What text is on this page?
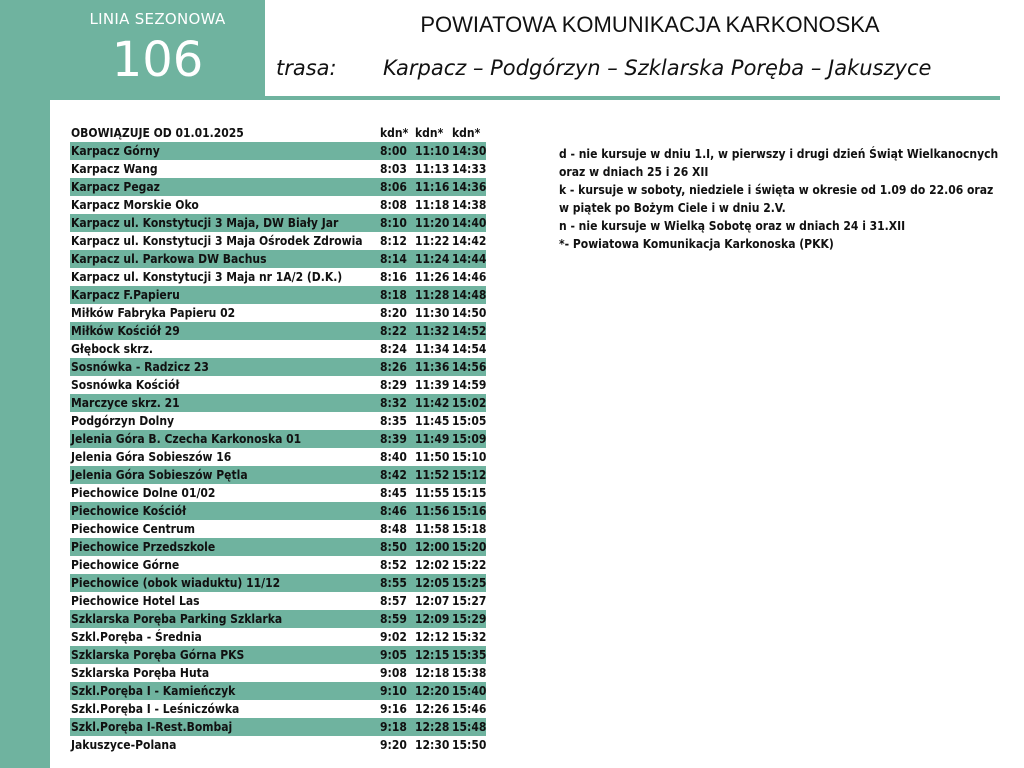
LINIA SEZONOWA
106
POWIATOWA KOMUNIKACJA KARKONOSKA
trasa: Karpacz – Podgórzyn – Szklarska Poręba – Jakuszyce
OBOWIĄZUJE OD 01.01.2025	kdn* kdn* kdn*
Karpacz Górny	8:00 11:10 14:30
Karpacz Wang	8:03 11:13 14:33
Karpacz Pegaz	8:06 11:16 14:36
Karpacz Morskie Oko	8:08 11:18 14:38
Karpacz ul. Konstytucji 3 Maja, DW Biały Jar	8:10 11:20 14:40
Karpacz ul. Konstytucji 3 Maja Ośrodek Zdrowia 8:12 11:22 14:42
Karpacz ul. Parkowa DW Bachus	8:14 11:24 14:44
Karpacz ul. Konstytucji 3 Maja nr 1A/2 (D.K.)	8:16 11:26 14:46
Karpacz F.Papieru	8:18 11:28 14:48
Miłków Fabryka Papieru 02	8:20 11:30 14:50
Miłków Kościół 29	8:22 11:32 14:52
Głębock skrz.	8:24 11:34 14:54
Sosnówka - Radzicz 23	8:26 11:36 14:56
Sosnówka Kościół	8:29 11:39 14:59
Marczyce skrz. 21	8:32 11:42 15:02
Podgórzyn Dolny	8:35 11:45 15:05
Jelenia Góra B. Czecha Karkonoska 01	8:39 11:49 15:09
Jelenia Góra Sobieszów 16	8:40 11:50 15:10
Jelenia Góra Sobieszów Pętla	8:42 11:52 15:12
Piechowice Dolne 01/02	8:45 11:55 15:15
Piechowice Kościół	8:46 11:56 15:16
Piechowice Centrum	8:48 11:58 15:18
Piechowice Przedszkole	8:50 12:00 15:20
Piechowice Górne	8:52 12:02 15:22
Piechowice (obok wiaduktu) 11/12	8:55 12:05 15:25
Piechowice Hotel Las	8:57 12:07 15:27
Szklarska Poręba Parking Szklarka	8:59 12:09 15:29
Szkl.Poręba - Średnia	9:02 12:12 15:32
Szklarska Poręba Górna PKS	9:05 12:15 15:35
Szklarska Poręba Huta	9:08 12:18 15:38
Szkl.Poręba I - Kamieńczyk	9:10 12:20 15:40
Szkl.Poręba I - Leśniczówka	9:16 12:26 15:46
Szkl.Poręba I-Rest.Bombaj	9:18 12:28 15:48
Jakuszyce-Polana	9:20 12:30 15:50
d - nie kursuje w dniu 1.I, w pierwszy i drugi dzień Świąt Wielkanocnych oraz w dniach 25 i 26 XII
k - kursuje w soboty, niedziele i święta w okresie od 1.09 do 22.06 oraz w piątek po Bożym Ciele i w dniu 2.V.
n - nie kursuje w Wielką Sobotę oraz w dniach 24 i 31.XII
*- Powiatowa Komunikacja Karkonoska (PKK)
